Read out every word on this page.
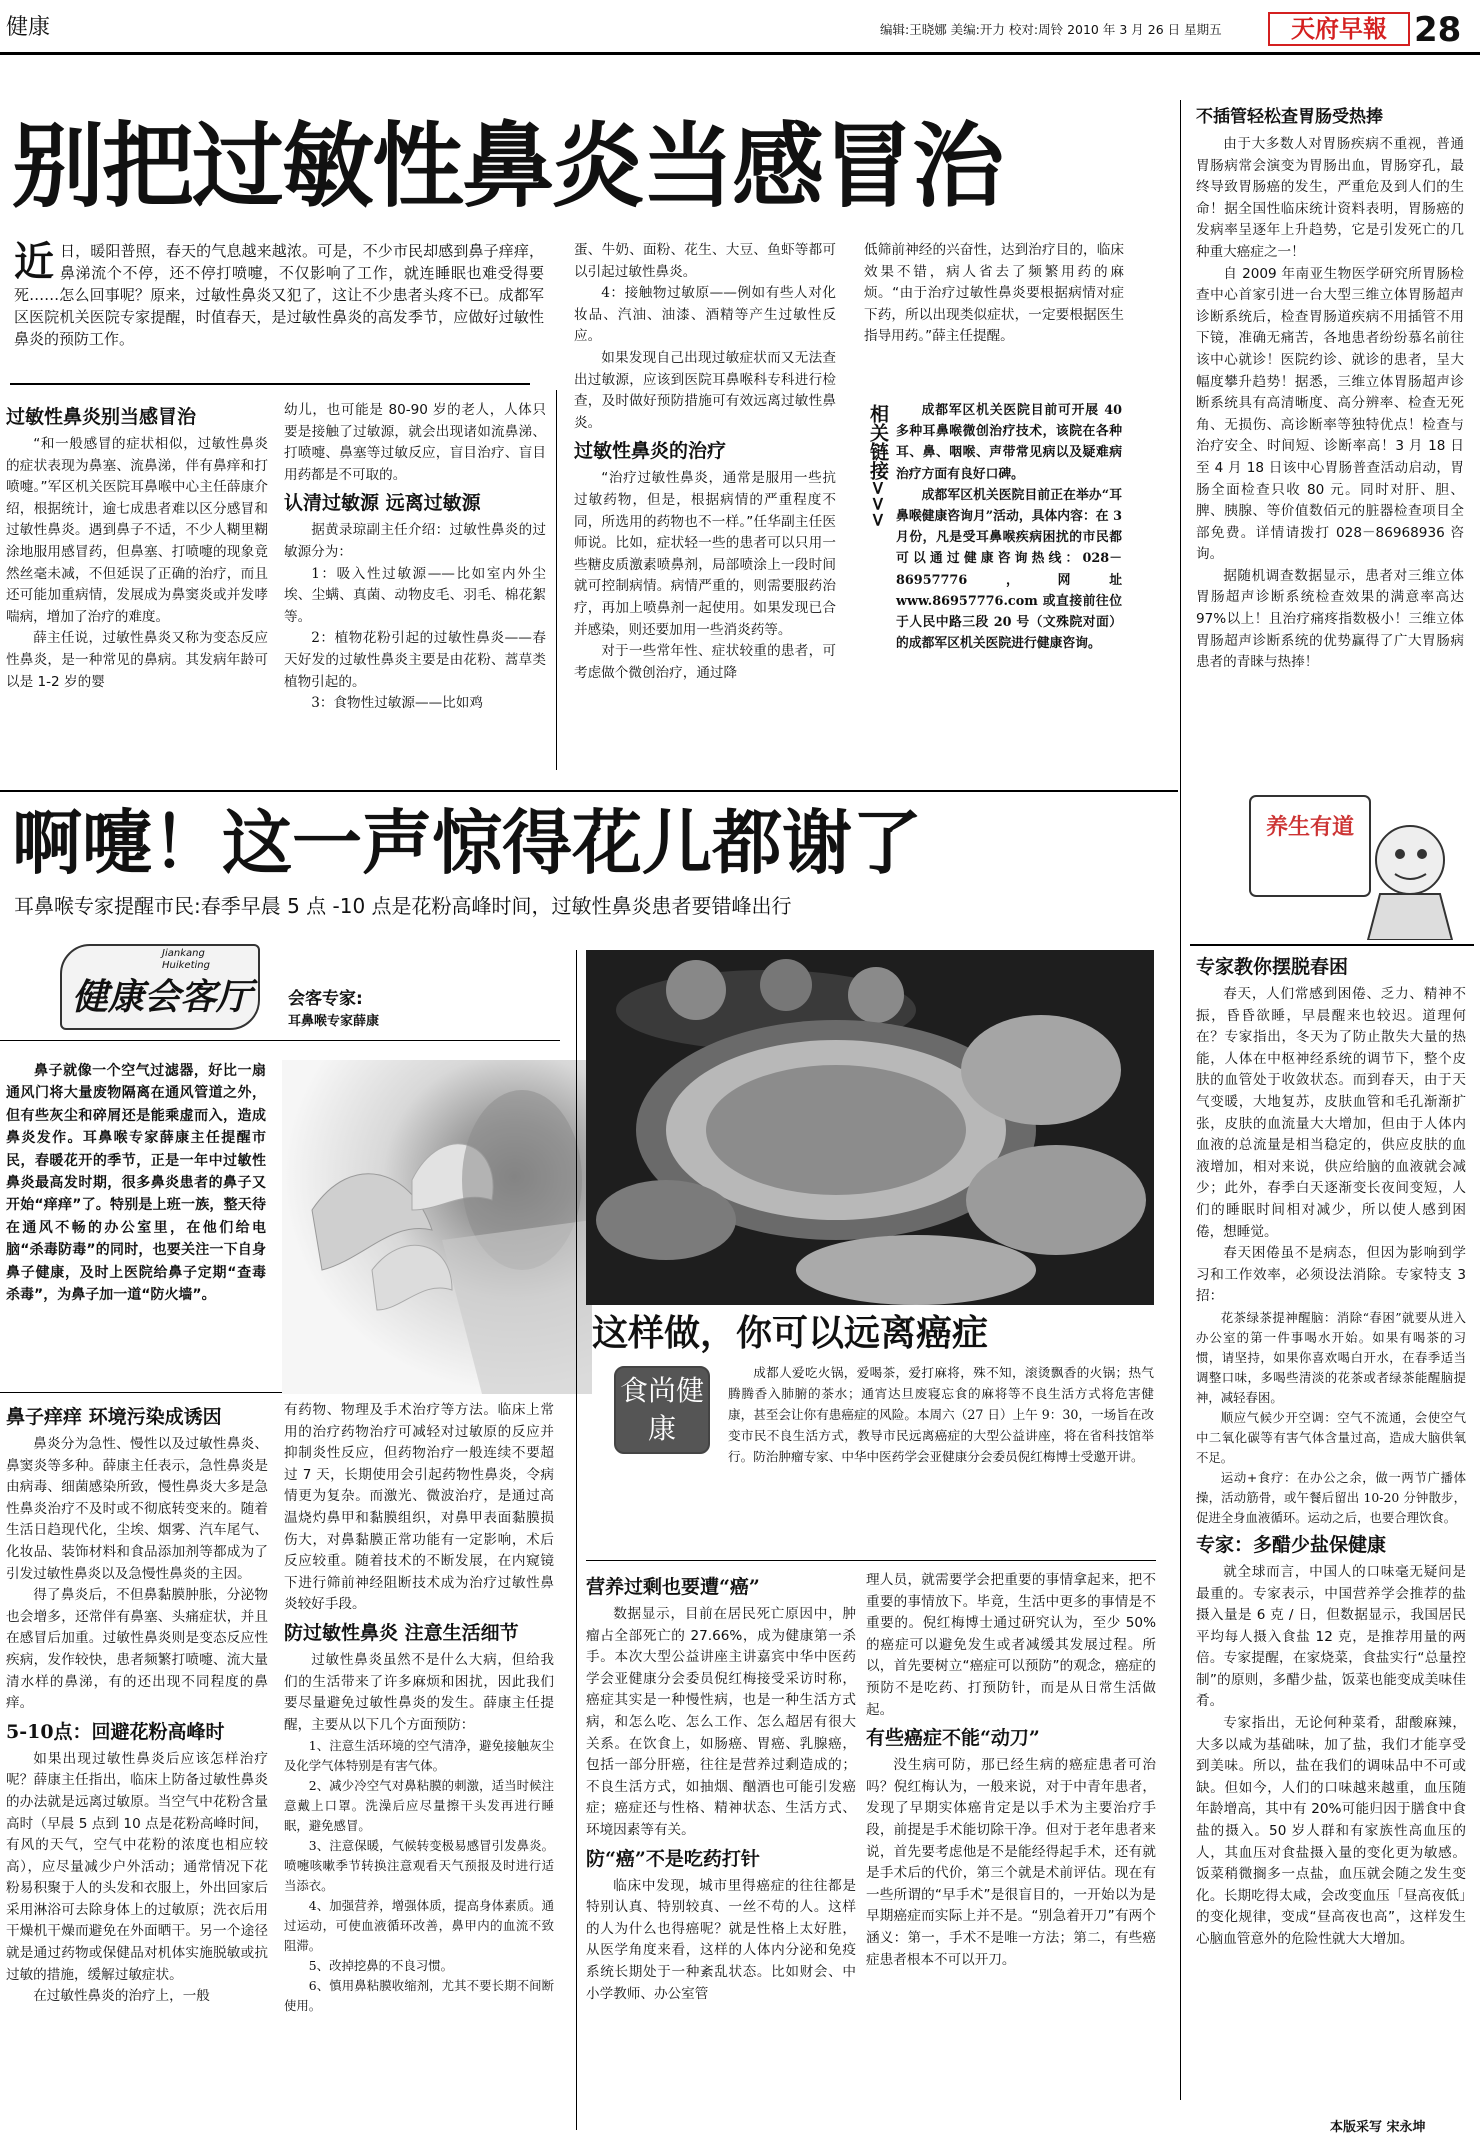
健康	编辑:王晓娜 美编:开力 校对:周铃 2010 年 3 月 26 日 星期五	天府早報 28
别把过敏性鼻炎当感冒治
近日，暖阳普照，春天的气息越来越浓。可是，不少市民却感到鼻子痒痒，鼻涕流个不停，还不停打喷嚏，不仅影响了工作，就连睡眠也难受得要死……怎么回事呢？原来，过敏性鼻炎又犯了，这让不少患者头疼不已。成都军区医院机关医院专家提醒，时值春天，是过敏性鼻炎的高发季节，应做好过敏性鼻炎的预防工作。
过敏性鼻炎别当感冒治

“和一般感冒的症状相似，过敏性鼻炎的症状表现为鼻塞、流鼻涕，伴有鼻痒和打喷嚏。”军区机关医院耳鼻喉中心主任薛康介绍，根据统计，逾七成患者难以区分感冒和过敏性鼻炎。遇到鼻子不适，不少人糊里糊涂地服用感冒药，但鼻塞、打喷嚏的现象竟然丝毫未减，不但延误了正确的治疗，而且还可能加重病情，发展成为鼻窦炎或并发哮喘病，增加了治疗的难度。

薛主任说，过敏性鼻炎又称为变态反应性鼻炎，是一种常见的鼻病。其发病年龄可以是 1-2 岁的婴

幼儿，也可能是 80-90 岁的老人，人体只要是接触了过敏源，就会出现诸如流鼻涕、打喷嚏、鼻塞等过敏反应，盲目治疗、盲目用药都是不可取的。

认清过敏源 远离过敏源

据黄录琼副主任介绍：过敏性鼻炎的过敏源分为：

1：吸入性过敏源——比如室内外尘埃、尘螨、真菌、动物皮毛、羽毛、棉花絮等。

2：植物花粉引起的过敏性鼻炎——春天好发的过敏性鼻炎主要是由花粉、蒿草类植物引起的。

3：食物性过敏源——比如鸡

蛋、牛奶、面粉、花生、大豆、鱼虾等都可以引起过敏性鼻炎。

4：接触物过敏原——例如有些人对化妆品、汽油、油漆、酒精等产生过敏性反应。

如果发现自己出现过敏症状而又无法查出过敏源，应该到医院耳鼻喉科专科进行检查，及时做好预防措施可有效远离过敏性鼻炎。

过敏性鼻炎的治疗

“治疗过敏性鼻炎，通常是服用一些抗过敏药物，但是，根据病情的严重程度不同，所选用的药物也不一样。”任华副主任医师说。比如，症状轻一些的患者可以只用一些糖皮质激素喷鼻剂，局部喷涂上一段时间就可控制病情。病情严重的，则需要服药治疗，再加上喷鼻剂一起使用。如果发现已合并感染，则还要加用一些消炎药等。

对于一些常年性、症状较重的患者，可考虑做个微创治疗，通过降

低筛前神经的兴奋性，达到治疗目的，临床效果不错，病人省去了频繁用药的麻烦。“由于治疗过敏性鼻炎要根据病情对症下药，所以出现类似症状，一定要根据医生指导用药。”薛主任提醒。

相关链接>>>	成都军区机关医院目前可开展 40 多种耳鼻喉微创治疗技术，该院在各种耳、鼻、咽喉、声带常见病以及疑难病治疗方面有良好口碑。

成都军区机关医院目前正在举办“耳鼻喉健康咨询月”活动，具体内容：在 3 月份，凡是受耳鼻喉疾病困扰的市民都可以通过健康咨询热线：028－86957776，网址www.86957776.com 或直接前往位于人民中路三段 20 号（文殊院对面）的成都军区机关医院进行健康咨询。

不插管轻松查胃肠受热捧

由于大多数人对胃肠疾病不重视，普通胃肠病常会演变为胃肠出血，胃肠穿孔，最终导致胃肠癌的发生，严重危及到人们的生命！据全国性临床统计资料表明，胃肠癌的发病率呈逐年上升趋势，它是引发死亡的几种重大癌症之一！

自 2009 年南亚生物医学研究所胃肠检查中心首家引进一台大型三维立体胃肠超声诊断系统后，检查胃肠道疾病不用插管不用下镜，准确无痛苦，各地患者纷纷慕名前往该中心就诊！医院约诊、就诊的患者，呈大幅度攀升趋势！据悉，三维立体胃肠超声诊断系统具有高清晰度、高分辨率、检查无死角、无损伤、高诊断率等独特优点！检查与治疗安全、时间短、诊断率高！3 月 18 日至 4 月 18 日该中心胃肠普查活动启动，胃肠全面检查只收 80 元。同时对肝、胆、脾、胰腺、等价值数佰元的脏器检查项目全部免费。详情请拨打 028－86968936 咨询。

据随机调查数据显示，患者对三维立体胃肠超声诊断系统检查效果的满意率高达 97%以上！且治疗痛疼指数极小！三维立体胃肠超声诊断系统的优势赢得了广大胃肠病患者的青睐与热捧！

啊嚏！这一声惊得花儿都谢了
耳鼻喉专家提醒市民:春季早晨 5 点 -10 点是花粉高峰时间，过敏性鼻炎患者要错峰出行
Jiankang Huiketing
健康会客厅 会客专家:
耳鼻喉专家薛康

鼻子就像一个空气过滤器，好比一扇通风门将大量废物隔离在通风管道之外，但有些灰尘和碎屑还是能乘虚而入，造成鼻炎发作。耳鼻喉专家薛康主任提醒市民，春暖花开的季节，正是一年中过敏性鼻炎最高发时期，很多鼻炎患者的鼻子又开始“痒痒”了。特别是上班一族，整天待在通风不畅的办公室里，在他们给电脑“杀毒防毒”的同时，也要关注一下自身鼻子健康，及时上医院给鼻子定期“查毒杀毒”，为鼻子加一道“防火墙”。

鼻子痒痒 环境污染成诱因

鼻炎分为急性、慢性以及过敏性鼻炎、鼻窦炎等多种。薛康主任表示，急性鼻炎是由病毒、细菌感染所致，慢性鼻炎大多是急性鼻炎治疗不及时或不彻底转变来的。随着生活日趋现代化，尘埃、烟雾、汽车尾气、化妆品、装饰材料和食品添加剂等都成为了引发过敏性鼻炎以及急慢性鼻炎的主因。

得了鼻炎后，不但鼻黏膜肿胀，分泌物也会增多，还常伴有鼻塞、头痛症状，并且在感冒后加重。过敏性鼻炎则是变态反应性疾病，发作较快，患者频繁打喷嚏、流大量清水样的鼻涕，有的还出现不同程度的鼻痒。

5-10点：回避花粉高峰时

如果出现过敏性鼻炎后应该怎样治疗呢？薛康主任指出，临床上防备过敏性鼻炎的办法就是远离过敏原。当空气中花粉含量高时（早晨 5 点到 10 点是花粉高峰时间，有风的天气，空气中花粉的浓度也相应较高），应尽量减少户外活动；通常情况下花粉易积聚于人的头发和衣服上，外出回家后采用淋浴可去除身体上的过敏原；洗衣后用干燥机干燥而避免在外面晒干。另一个途径就是通过药物或保健品对机体实施脱敏或抗过敏的措施，缓解过敏症状。

在过敏性鼻炎的治疗上，一般

有药物、物理及手术治疗等方法。临床上常用的治疗药物治疗可减轻对过敏原的反应并抑制炎性反应，但药物治疗一般连续不要超过 7 天，长期使用会引起药物性鼻炎，令病情更为复杂。而激光、微波治疗，是通过高温烧灼鼻甲和黏膜组织，对鼻甲表面黏膜损伤大，对鼻黏膜正常功能有一定影响，术后反应较重。随着技术的不断发展，在内窥镜下进行筛前神经阻断技术成为治疗过敏性鼻炎较好手段。

防过敏性鼻炎 注意生活细节

过敏性鼻炎虽然不是什么大病，但给我们的生活带来了许多麻烦和困扰，因此我们要尽量避免过敏性鼻炎的发生。薛康主任提醒，主要从以下几个方面预防：

1、注意生活环境的空气清净，避免接触灰尘及化学气体特别是有害气体。

2、减少冷空气对鼻粘膜的刺激，适当时候注意戴上口罩。洗澡后应尽量擦干头发再进行睡眠，避免感冒。

3、注意保暖，气候转变极易感冒引发鼻炎。喷嚏咳嗽季节转换注意观看天气预报及时进行适当添衣。

4、加强营养，增强体质，提高身体素质。通过运动，可使血液循环改善，鼻甲内的血流不致阻滞。

5、改掉挖鼻的不良习惯。

6、慎用鼻粘膜收缩剂，尤其不要长期不间断使用。

这样做，你可以远离癌症
食尚健康

成都人爱吃火锅，爱喝茶，爱打麻将，殊不知，滚烫飘香的火锅；热气腾腾香入肺腑的茶水；通宵达旦废寝忘食的麻将等不良生活方式将危害健康，甚至会让你有患癌症的风险。本周六（27 日）上午 9：30，一场旨在改变市民不良生活方式，教导市民远离癌症的大型公益讲座，将在省科技馆举行。防治肿瘤专家、中华中医药学会亚健康分会委员倪红梅博士受邀开讲。

营养过剩也要遭“癌”

数据显示，目前在居民死亡原因中，肿瘤占全部死亡的 27.66%，成为健康第一杀手。本次大型公益讲座主讲嘉宾中华中医药学会亚健康分会委员倪红梅接受采访时称，癌症其实是一种慢性病，也是一种生活方式病，和怎么吃、怎么工作、怎么超居有很大关系。在饮食上，如肠癌、胃癌、乳腺癌，包括一部分肝癌，往往是营养过剩造成的；不良生活方式，如抽烟、酗酒也可能引发癌症；癌症还与性格、精神状态、生活方式、环境因素等有关。

防“癌”不是吃药打针

临床中发现，城市里得癌症的往往都是特别认真、特别较真、一丝不苟的人。这样的人为什么也得癌呢？就是性格上太好胜，从医学角度来看，这样的人体内分泌和免疫系统长期处于一种紊乱状态。比如财会、中小学教师、办公室管

理人员，就需要学会把重要的事情拿起来，把不重要的事情放下。毕竟，生活中更多的事情是不重要的。倪红梅博士通过研究认为，至少 50%的癌症可以避免发生或者减缓其发展过程。所以，首先要树立“癌症可以预防”的观念，癌症的预防不是吃药、打预防针，而是从日常生活做起。

有些癌症不能“动刀”

没生病可防，那已经生病的癌症患者可治吗？倪红梅认为，一般来说，对于中青年患者，发现了早期实体癌肯定是以手术为主要治疗手段，前提是手术能切除干净。但对于老年患者来说，首先要考虑他是不是能经得起手术，还有就是手术后的代价，第三个就是术前评估。现在有一些所谓的“早手术”是很盲目的，一开始以为是早期癌症而实际上并不是。“别急着开刀”有两个涵义：第一，手术不是唯一方法；第二，有些癌症患者根本不可以开刀。

养生有道
专家教你摆脱春困

春天，人们常感到困倦、乏力、精神不振，昏昏欲睡，早晨醒来也较迟。道理何在？专家指出，冬天为了防止散失大量的热能，人体在中枢神经系统的调节下，整个皮肤的血管处于收敛状态。而到春天，由于天气变暖，大地复苏，皮肤血管和毛孔渐渐扩张，皮肤的血流量大大增加，但由于人体内血液的总流量是相当稳定的，供应皮肤的血液增加，相对来说，供应给脑的血液就会减少；此外，春季白天逐渐变长夜间变短，人们的睡眠时间相对减少，所以使人感到困倦，想睡觉。

春天困倦虽不是病态，但因为影响到学习和工作效率，必须设法消除。专家特支 3 招：

花茶绿茶提神醒脑：消除“春困”就要从进入办公室的第一件事喝水开始。如果有喝茶的习惯，请坚持，如果你喜欢喝白开水，在春季适当调整口味，多喝些清淡的花茶或者绿茶能醒脑提神，减轻春困。

顺应气候少开空调：空气不流通，会使空气中二氧化碳等有害气体含量过高，造成大脑供氧不足。

运动+食疗：在办公之余，做一两节广播体操，活动筋骨，或午餐后留出 10-20 分钟散步，促进全身血液循环。运动之后，也要合理饮食。

专家：多醋少盐保健康

就全球而言，中国人的口味毫无疑问是最重的。专家表示，中国营养学会推荐的盐摄入量是 6 克 / 日，但数据显示，我国居民平均每人摄入食盐 12 克，是推荐用量的两倍。专家提醒，在家烧菜，食盐实行“总量控制”的原则，多醋少盐，饭菜也能变成美味佳肴。

专家指出，无论何种菜肴，甜酸麻辣，大多以咸为基础味，加了盐，我们才能享受到美味。所以，盐在我们的调味品中不可或缺。但如今，人们的口味越来越重，血压随年龄增高，其中有 20%可能归因于膳食中食盐的摄入。50 岁人群和有家族性高血压的人，其血压对食盐摄入量的变化更为敏感。饭菜稍微搁多一点盐，血压就会随之发生变化。长期吃得太咸，会改变血压「昼高夜低」的变化规律，变成“昼高夜也高”，这样发生心脑血管意外的危险性就大大增加。

本版采写 宋永坤
